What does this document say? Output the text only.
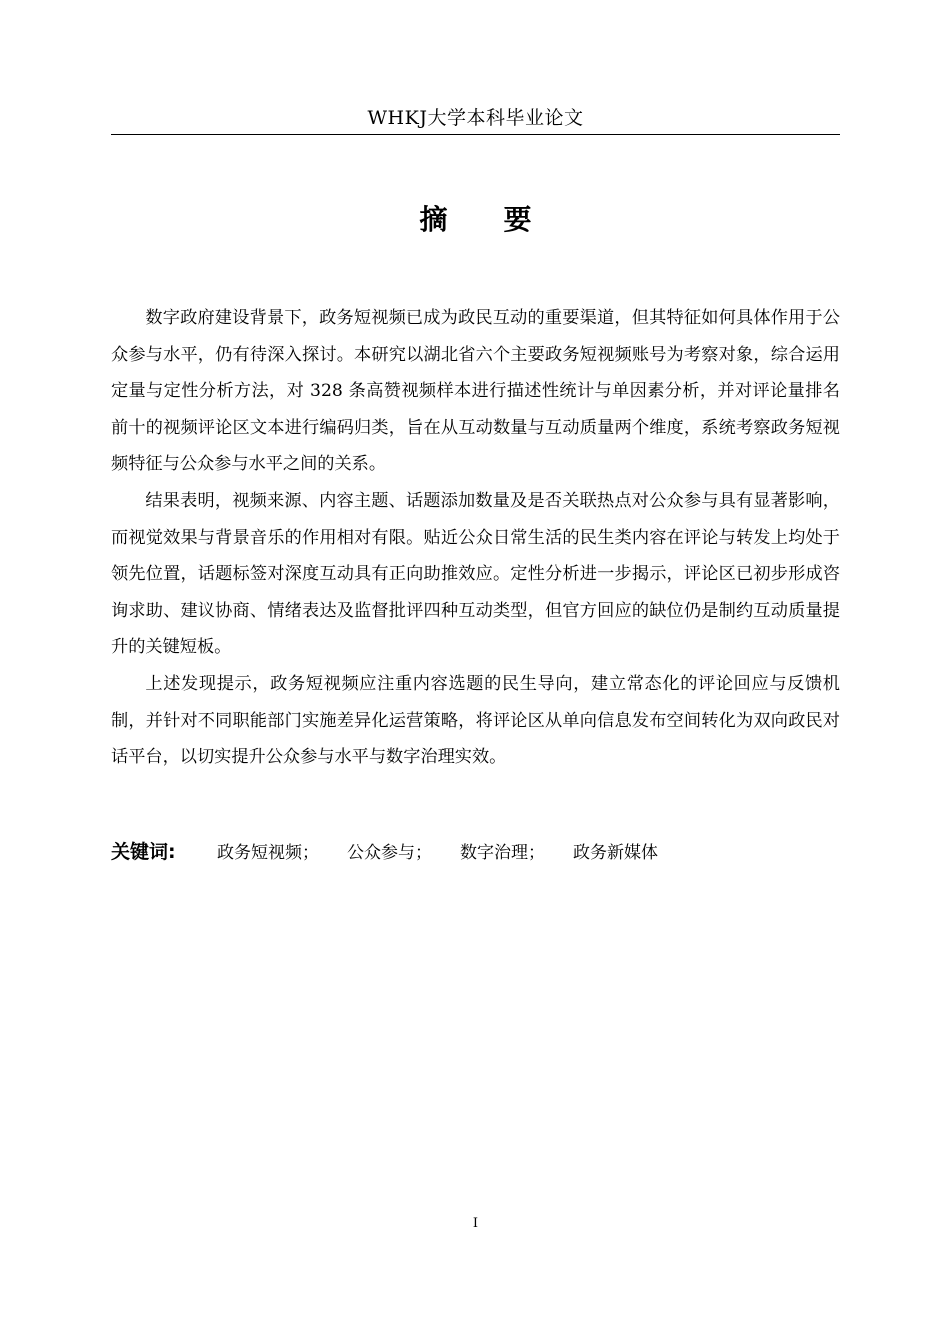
WHKJ大学本科毕业论文
摘 要

数字政府建设背景下，政务短视频已成为政民互动的重要渠道，但其特征如何具体作用于公众参与水平，仍有待深入探讨。本研究以湖北省六个主要政务短视频账号为考察对象，综合运用定量与定性分析方法，对 328 条高赞视频样本进行描述性统计与单因素分析，并对评论量排名前十的视频评论区文本进行编码归类，旨在从互动数量与互动质量两个维度，系统考察政务短视频特征与公众参与水平之间的关系。

结果表明，视频来源、内容主题、话题添加数量及是否关联热点对公众参与具有显著影响，而视觉效果与背景音乐的作用相对有限。贴近公众日常生活的民生类内容在评论与转发上均处于领先位置，话题标签对深度互动具有正向助推效应。定性分析进一步揭示，评论区已初步形成咨询求助、建议协商、情绪表达及监督批评四种互动类型，但官方回应的缺位仍是制约互动质量提升的关键短板。

上述发现提示，政务短视频应注重内容选题的民生导向，建立常态化的评论回应与反馈机制，并针对不同职能部门实施差异化运营策略，将评论区从单向信息发布空间转化为双向政民对话平台，以切实提升公众参与水平与数字治理实效。

关键词: 政务短视频； 公众参与； 数字治理； 政务新媒体
I
